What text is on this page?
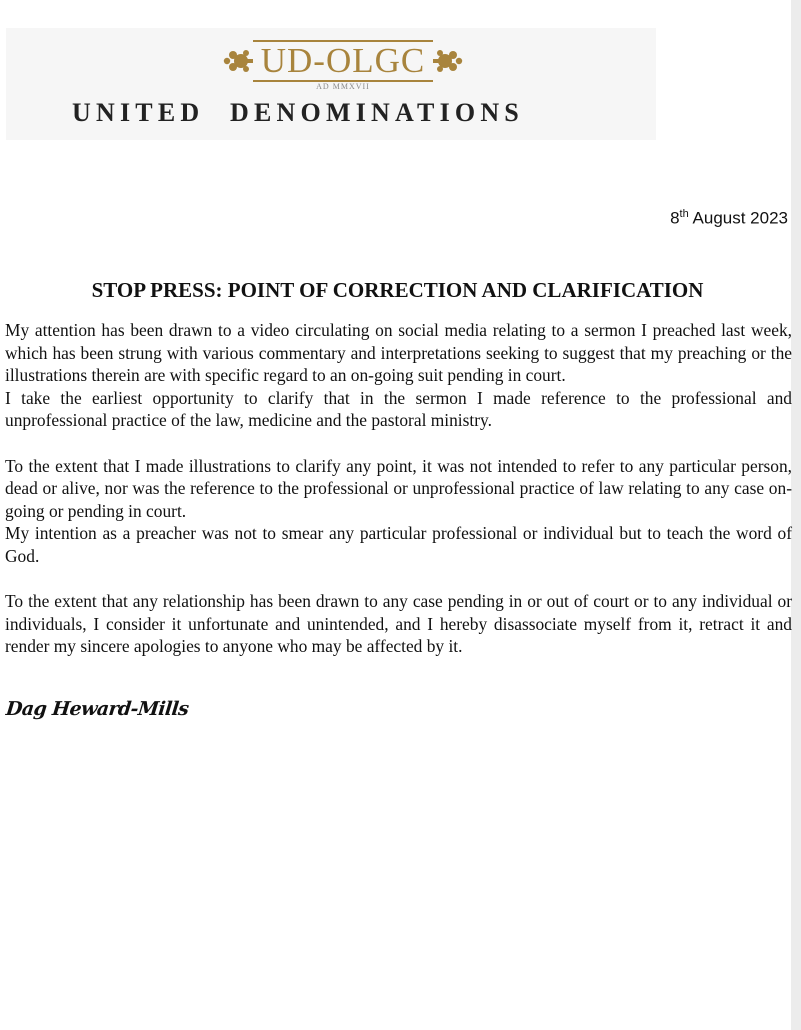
UD-OLGC
AD MMXVII
UNITED DENOMINATIONS
8th August 2023
STOP PRESS: POINT OF CORRECTION AND CLARIFICATION

My attention has been drawn to a video circulating on social media relating to a sermon I preached last week, which has been strung with various commentary and interpretations seeking to suggest that my preaching or the illustrations therein are with specific regard to an on-going suit pending in court.

I take the earliest opportunity to clarify that in the sermon I made reference to the professional and unprofessional practice of the law, medicine and the pastoral ministry.

To the extent that I made illustrations to clarify any point, it was not intended to refer to any particular person, dead or alive, nor was the reference to the professional or unprofessional practice of law relating to any case on-going or pending in court.

My intention as a preacher was not to smear any particular professional or individual but to teach the word of God.

To the extent that any relationship has been drawn to any case pending in or out of court or to any individual or individuals, I consider it unfortunate and unintended, and I hereby disassociate myself from it, retract it and render my sincere apologies to anyone who may be affected by it.

Dag Heward-Mills
